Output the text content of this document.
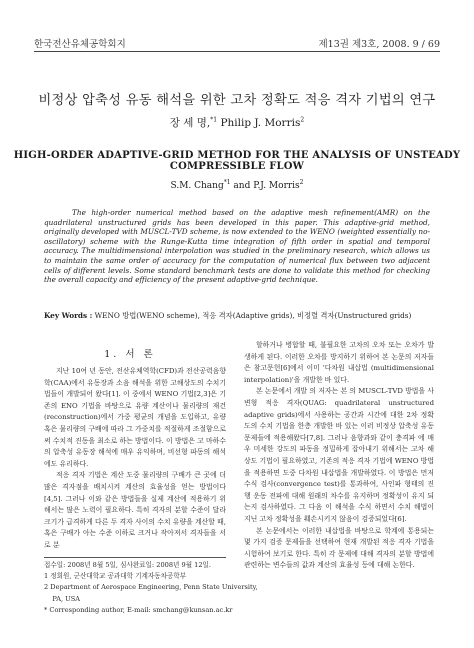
한국전산유체공학회지	제13권 제3호, 2008. 9 / 69
비정상 압축성 유동 해석을 위한 고차 정확도 적응 격자 기법의 연구
장 세 명,$^{*1}$ Philip J. Morris$^2$
HIGH-ORDER ADAPTIVE-GRID METHOD FOR THE ANALYSIS OF UNSTEADY COMPRESSIBLE FLOW
S.M. Chang$^{*1}$ and P.J. Morris$^2$
The high-order numerical method based on the adaptive mesh refinement(AMR) on the quadrilateral unstructured grids has been developed in this paper. This adaptive-grid method, originally developed with MUSCL-TVD scheme, is now extended to the WENO (weighted essentially no-oscillatory) scheme with the Runge-Kutta time integration of fifth order in spatial and temporal accuracy. The multidimensional interpolation was studied in the preliminary research, which allows us to maintain the same order of accuracy for the computation of numerical flux between two adjacent cells of different levels. Some standard benchmark tests are done to validate this method for checking the overall capacity and efficiency of the present adaptive-grid technique.
Key Words : WENO 방법(WENO scheme), 적응 격자(Adaptive grids), 비정렬 격자(Unstructured grids)
1. 서 론

지난 10여 년 동안, 전산유체역학(CFD)과 전산공력음향학(CAA)에서 유동장과 소음 해석을 위한 고해상도의 수치기법들이 개발되어 왔다[1]. 이 중에서 WENO 기법[2,3]은 기존의 ENO 기법을 바탕으로 유량 계산이나 물리량의 재건(reconstruction)에서 가중 평균의 개념을 도입하고, 유량 혹은 물리량의 구배에 따라 그 가중치를 적절하게 조절함으로써 수치적 진동을 최소로 하는 방법이다. 이 방법은 고 마하수의 압축성 유동장 해석에 매우 유익하며, 비선형 파동의 해석에도 유리하다.

적응 격자 기법은 계산 도중 물리량의 구배가 큰 곳에 더 많은 격자점을 배치시켜 계산의 효율성을 얻는 방법이다[4,5]. 그러나 이와 같은 방법들을 실제 계산에 적용하기 위해서는 많은 노력이 필요하다. 특히 격자의 분할 수준이 달라 크기가 급격하게 다른 두 격자 사이의 수치 유량을 계산할 때, 혹은 구배가 아는 수준 이하로 크거나 작아져서 격자들을 서로 분

할하거나 병합할 때, 불필요한 고차의 오차 또는 오차가 발생하게 된다. 이러한 오차를 방지하기 위하여 본 논문의 저자들은 참고문헌[6]에서 이미 '다차원 내삽법 (multidimensional interpolation)'을 개발한 바 있다.

본 논문에서 개발 의 저자는 본 의 MUSCL-TVD 방법을 사변형 적응 격자(QUAG: quadrilateral unstructured adaptive grids)에서 사용하는 공간과 시간에 대한 2차 정확도의 수치 기법을 한층 개발한 바 있는 이러 비정상 압축성 유동 문제들에 적용해왔다[7,8]. 그러나 음향과와 같이 충격파 에 매우 미세한 강도의 파동을 정밀하게 잡아내기 위해서는 고차 해상도 기법이 필요하였고, 기존의 적응 격자 기법에 WENO 방법을 적용하면 도중 다차원 내삽법을 개발하였다. 이 방법은 먼저 수식 검사(convergence test)를 통과하여, 사인파 형태의 진행 운동 전파에 대해 원래의 차수를 유지하며 정확성이 유지 되는지 검사하였다. 그 다음 이 해석을 수식 하면서 수치 해법이 지닌 고차 정확성을 훼손시키지 않음이 검증되었다[6].

본 논문에서는 이러한 내삽법을 바탕으로 학계에 통용되는 몇 가지 검증 문제들을 선택하여 현재 개발된 적응 격자 기법을 시험하여 보기로 한다. 특히 각 문제에 대해 격자의 분할 방법에 관련하는 변수들의 값과 계산의 효율성 등에 대해 논한다.

접수일: 2008년 8월 5일, 심사완료일: 2008년 9월 12일.
1 정회원, 군산대학교 공과대학 기계자동차공학부
2 Department of Aerospace Engineering, Penn State University,
PA, USA
* Corresponding author, E-mail: smchang@kunsan.ac.kr
